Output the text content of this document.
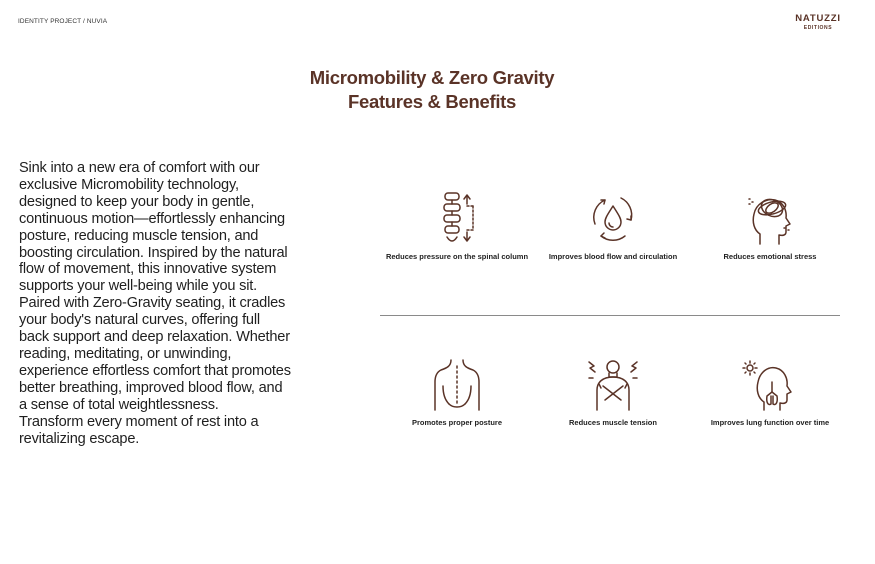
IDENTITY PROJECT / NUVIA	NATUZZI
EDITIONS
Micromobility & Zero Gravity
Features & Benefits

Sink into a new era of comfort with our exclusive Micromobility technology, designed to keep your body in gentle, continuous motion—effortlessly enhancing posture, reducing muscle tension, and boosting circulation. Inspired by the natural flow of movement, this innovative system supports your well-being while you sit. Paired with Zero-Gravity seating, it cradles your body's natural curves, offering full back support and deep relaxation. Whether reading, meditating, or unwinding, experience effortless comfort that promotes better breathing, improved blood flow, and a sense of total weightlessness.

Transform every moment of rest into a revitalizing escape.

Reduces pressure on the spinal column	Improves blood flow and circulation	Reduces emotional stress
Promotes proper posture	Reduces muscle tension	Improves lung function over time
